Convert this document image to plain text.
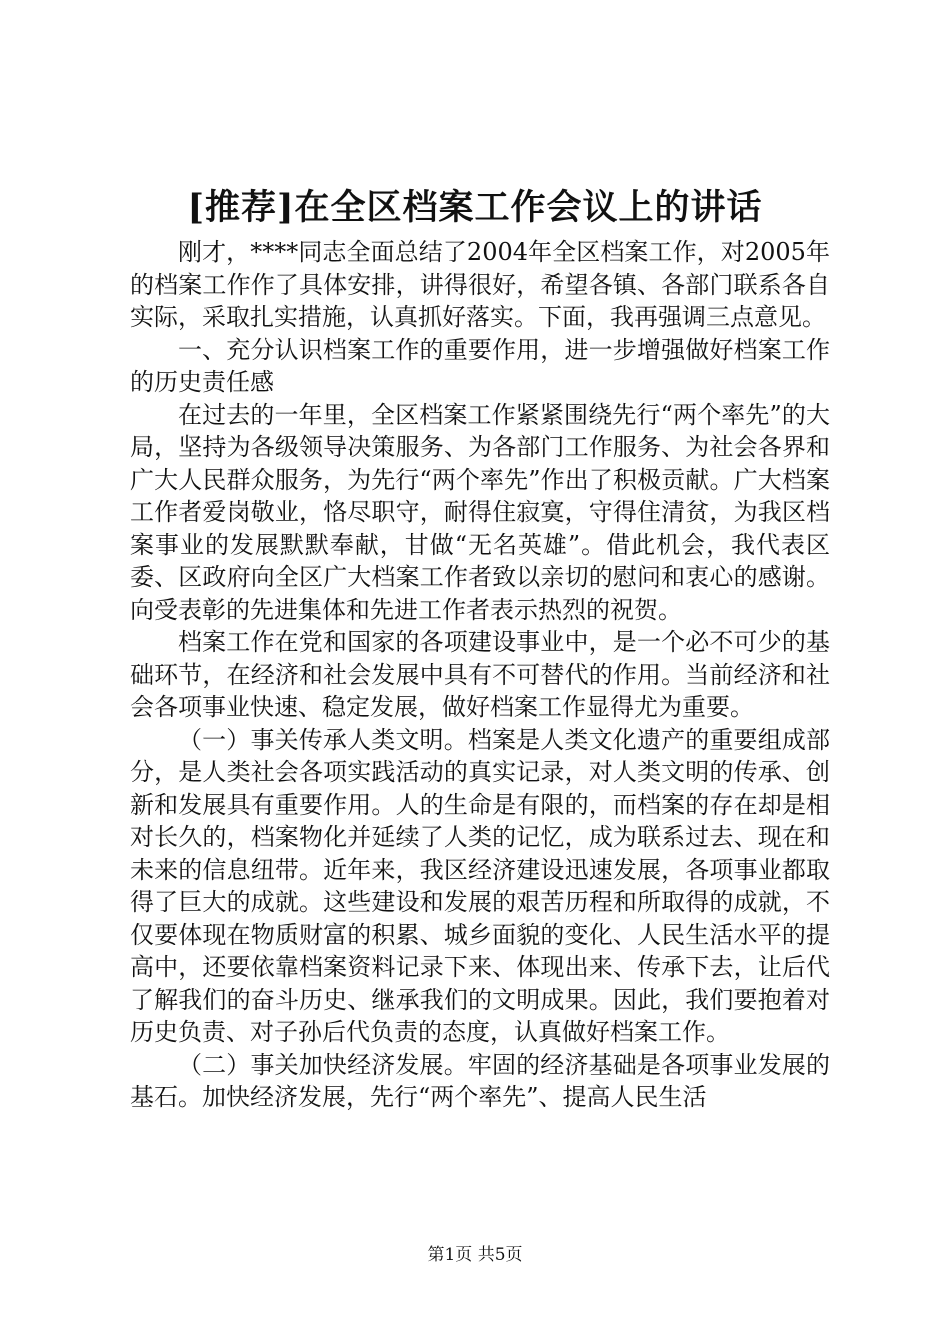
[推荐]在全区档案工作会议上的讲话

刚才，****同志全面总结了2004年全区档案工作，对2005年的档案工作作了具体安排，讲得很好，希望各镇、各部门联系各自实际，采取扎实措施，认真抓好落实。下面，我再强调三点意见。

一、充分认识档案工作的重要作用，进一步增强做好档案工作的历史责任感

在过去的一年里，全区档案工作紧紧围绕先行“两个率先”的大局，坚持为各级领导决策服务、为各部门工作服务、为社会各界和广大人民群众服务，为先行“两个率先”作出了积极贡献。广大档案工作者爱岗敬业，恪尽职守，耐得住寂寞，守得住清贫，为我区档案事业的发展默默奉献，甘做“无名英雄”。借此机会，我代表区委、区政府向全区广大档案工作者致以亲切的慰问和衷心的感谢。向受表彰的先进集体和先进工作者表示热烈的祝贺。

档案工作在党和国家的各项建设事业中，是一个必不可少的基础环节，在经济和社会发展中具有不可替代的作用。当前经济和社会各项事业快速、稳定发展，做好档案工作显得尤为重要。

（一）事关传承人类文明。档案是人类文化遗产的重要组成部分，是人类社会各项实践活动的真实记录，对人类文明的传承、创新和发展具有重要作用。人的生命是有限的，而档案的存在却是相对长久的，档案物化并延续了人类的记忆，成为联系过去、现在和未来的信息纽带。近年来，我区经济建设迅速发展，各项事业都取得了巨大的成就。这些建设和发展的艰苦历程和所取得的成就，不仅要体现在物质财富的积累、城乡面貌的变化、人民生活水平的提高中，还要依靠档案资料记录下来、体现出来、传承下去，让后代了解我们的奋斗历史、继承我们的文明成果。因此，我们要抱着对历史负责、对子孙后代负责的态度，认真做好档案工作。

（二）事关加快经济发展。牢固的经济基础是各项事业发展的基石。加快经济发展，先行“两个率先”、提高人民生活

第1页 共5页
